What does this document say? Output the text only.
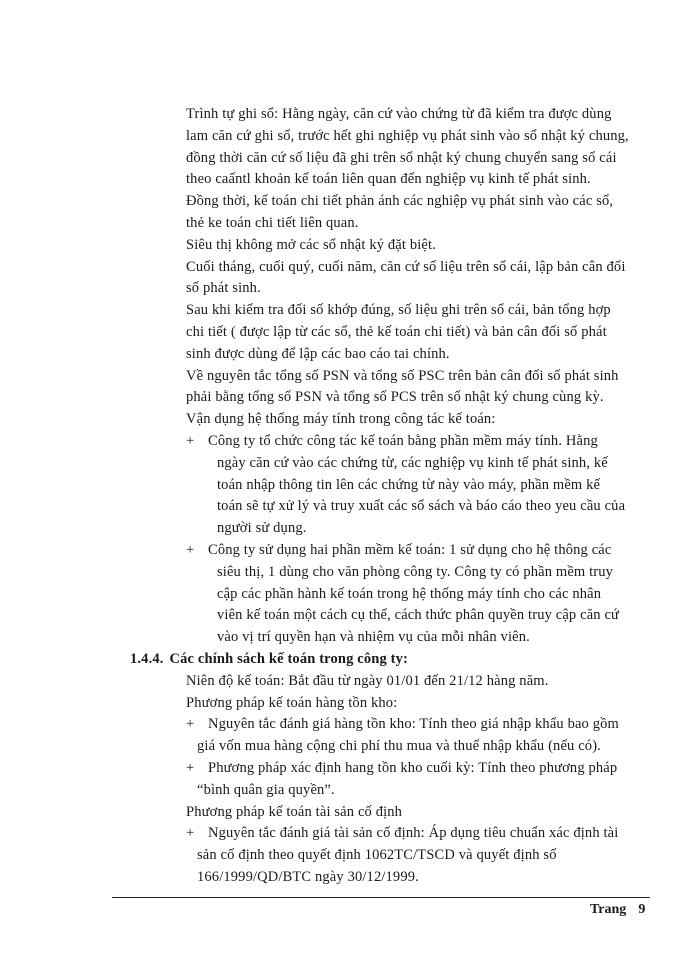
Trình tự ghi sổ: Hằng ngày, căn cứ vào chứng từ đã kiểm tra được dùng
lam căn cứ ghi sổ, trước hết ghi nghiệp vụ phát sinh vào sổ nhật ký chung,
đồng thời căn cứ số liệu đã ghi trên sổ nhật ký chung chuyển sang sổ cái
theo caấntl khoản kế toán liên quan đến nghiệp vụ kinh tế phát sinh.
Đồng thời, kế toán chi tiết phản ánh các nghiệp vụ phát sinh vào các sổ,
thẻ ke toán chi tiết liên quan.
Siêu thị không mở các sổ nhật ký đặt biệt.
Cuối tháng, cuối quý, cuối năm, căn cứ số liệu trên sổ cái, lập bản cân đối
số phát sinh.
Sau khi kiểm tra đối số khớp đúng, số liệu ghi trên sổ cái, bản tổng hợp
chi tiết ( được lập từ các sổ, thẻ kế toán chi tiết) và bản cân đối số phát
sinh được dùng để lập các bao cáo tai chính.
Về nguyên tắc tổng số PSN và tổng số PSC trên bản cân đối số phát sinh
phải bằng tổng số PSN và tổng số PCS trên sổ nhật ký chung cùng kỳ.
Vận dụng hệ thống máy tính trong công tác kế toán:
+ Công ty tổ chức công tác kế toán bằng phần mềm máy tính. Hằng
ngày căn cứ vào các chứng từ, các nghiệp vụ kinh tế phát sinh, kế
toán nhập thông tin lên các chứng từ này vào máy, phần mềm kế
toán sẽ tự xử lý và truy xuất các sổ sách và báo cáo theo yeu cầu của
người sử dụng.
+ Công ty sử dụng hai phần mềm kế toán: 1 sử dụng cho hệ thông các
siêu thị, 1 dùng cho văn phòng công ty. Công ty có phần mềm truy
cập các phần hành kế toán trong hệ thống máy tính cho các nhân
viên kế toán một cách cụ thể, cách thức phân quyền truy cập căn cứ
vào vị trí quyền hạn và nhiệm vụ của mỗi nhân viên.
1.4.4. Các chính sách kế toán trong công ty:
Niên độ kế toán: Bắt đầu từ ngày 01/01 đến 21/12 hàng năm.
Phương pháp kế toán hàng tồn kho:
+ Nguyên tắc đánh giá hàng tồn kho: Tính theo giá nhập khẩu bao gồm
giá vốn mua hàng cộng chi phí thu mua và thuế nhập khẩu (nếu có).
+ Phương pháp xác định hang tồn kho cuối kỳ: Tính theo phương pháp
“bình quân gia quyền”.
Phương pháp kế toán tài sản cố định
+ Nguyên tắc đánh giá tài sản cố định: Áp dụng tiêu chuẩn xác định tài
sản cố định theo quyết định 1062TC/TSCD và quyết định số
166/1999/QD/BTC ngày 30/12/1999.
Trang 9
